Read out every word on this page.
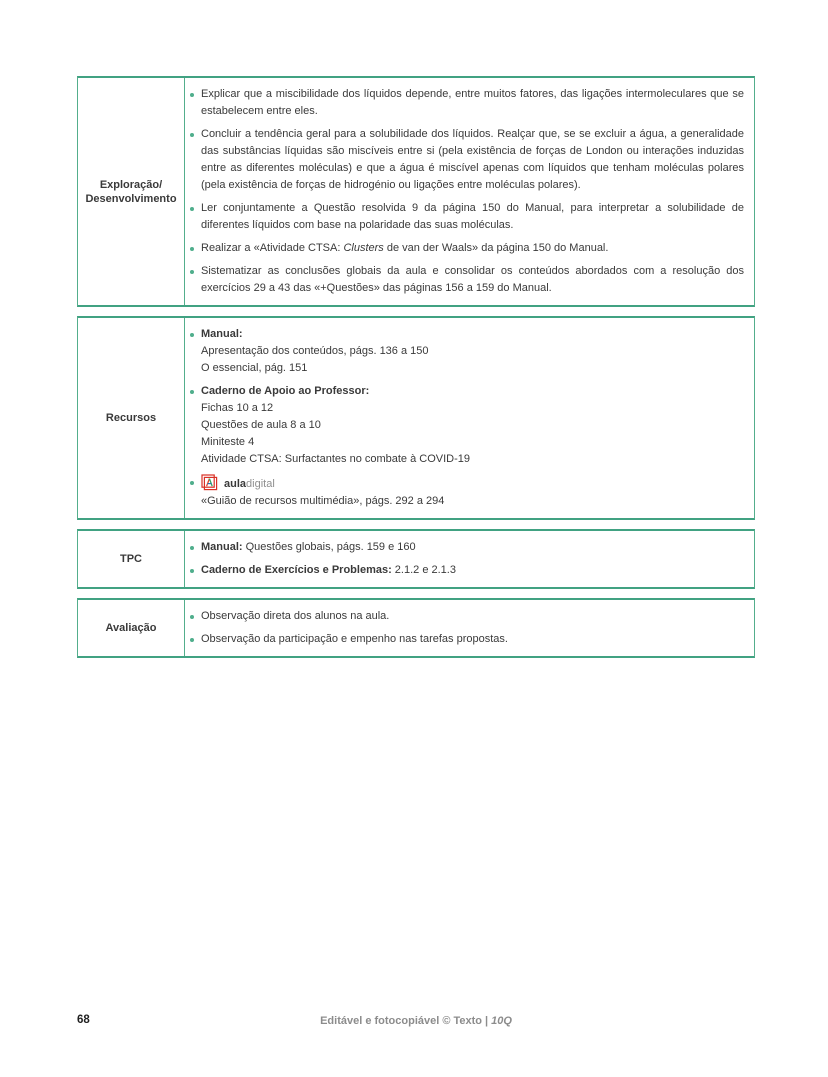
Exploração/
Desenvolvimento

Explicar que a miscibilidade dos líquidos depende, entre muitos fatores, das ligações intermoleculares que se estabelecem entre eles.

Concluir a tendência geral para a solubilidade dos líquidos. Realçar que, se se excluir a água, a generalidade das substâncias líquidas são miscíveis entre si (pela existência de forças de London ou interações induzidas entre as diferentes moléculas) e que a água é miscível apenas com líquidos que tenham moléculas polares (pela existência de forças de hidrogénio ou ligações entre moléculas polares).

Ler conjuntamente a Questão resolvida 9 da página 150 do Manual, para interpretar a solubilidade de diferentes líquidos com base na polaridade das suas moléculas.

Realizar a «Atividade CTSA: Clusters de van der Waals» da página 150 do Manual.

Sistematizar as conclusões globais da aula e consolidar os conteúdos abordados com a resolução dos exercícios 29 a 43 das «+Questões» das páginas 156 a 159 do Manual.

Recursos

Manual:

Apresentação dos conteúdos, págs. 136 a 150
O essencial, pág. 151

Caderno de Apoio ao Professor:

Fichas 10 a 12
Questões de aula 8 a 10
Miniteste 4
Atividade CTSA: Surfactantes no combate à COVID-19

auladigital

«Guião de recursos multimédia», págs. 292 a 294
TPC

Manual: Questões globais, págs. 159 e 160

Caderno de Exercícios e Problemas: 2.1.2 e 2.1.3

Avaliação

Observação direta dos alunos na aula.

Observação da participação e empenho nas tarefas propostas.

68	Editável e fotocopiável © Texto | 10Q
